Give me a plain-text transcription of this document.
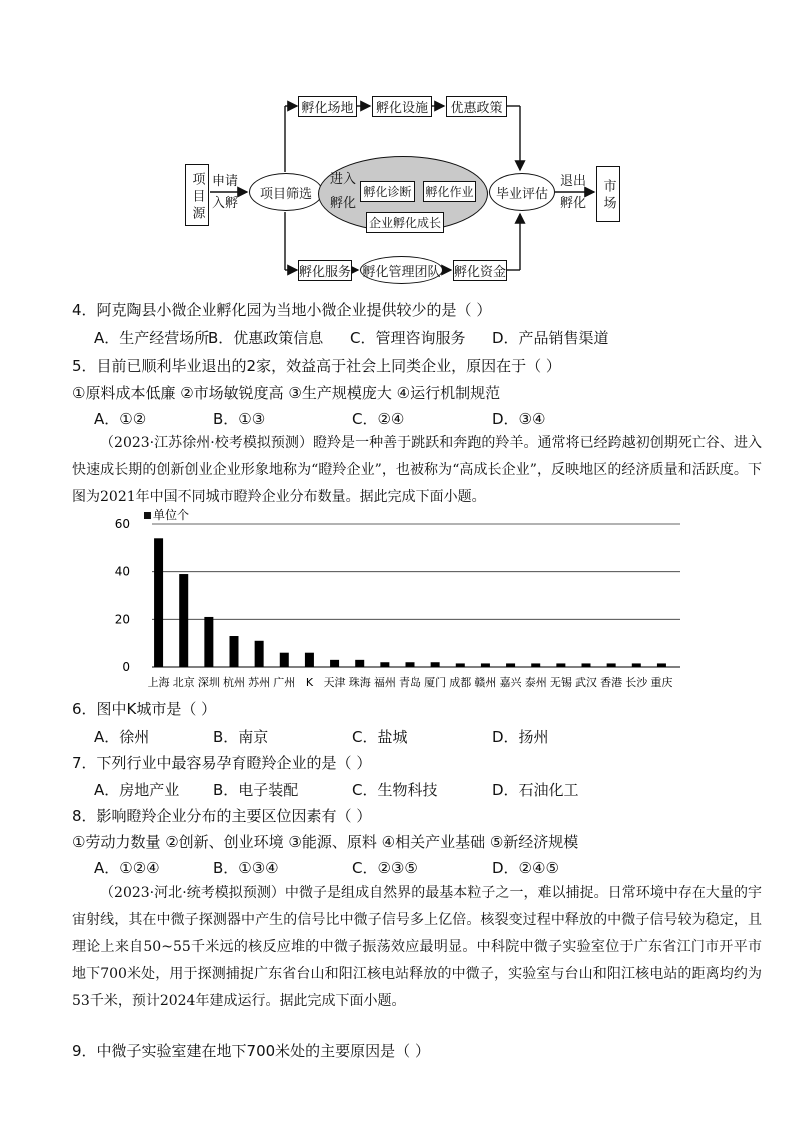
项目源 申请
入孵
项目筛选
孵化场地	孵化设施	优惠政策
进入
孵化
孵化诊断 孵化作业
企业孵化成长
毕业评估
退出
孵化	市场
孵化服务 孵化管理团队 孵化资金
4．阿克陶县小微企业孵化园为当地小微企业提供较少的是（ ）
A．生产经营场所
B．优惠政策信息 C．管理咨询服务 D．产品销售渠道
5．目前已顺利毕业退出的2家，效益高于社会上同类企业，原因在于（ ）
①原料成本低廉 ②市场敏锐度高 ③生产规模庞大 ④运行机制规范
A．①②	B．①③	C．②④	D．③④

（2023·江苏徐州·校考模拟预测）瞪羚是一种善于跳跃和奔跑的羚羊。通常将已经跨越初创期死亡谷、进入快速成长期的创新创业企业形象地称为“瞪羚企业”，也被称为“高成长企业”，反映地区的经济质量和活跃度。下图为2021年中国不同城市瞪羚企业分布数量。据此完成下面小题。

0
20
40
60
单位个
上海 北京 深圳 杭州 苏州 广州 K 天津 珠海 福州 青岛 厦门 成都 赣州 嘉兴 泰州 无锡 武汉 香港 长沙 重庆
6．图中K城市是（ ）
A．徐州	B．南京	C．盐城	D．扬州
7．下列行业中最容易孕育瞪羚企业的是（ ）
A．房地产业 B．电子装配	C．生物科技	D．石油化工
8．影响瞪羚企业分布的主要区位因素有（ ）
①劳动力数量 ②创新、创业环境 ③能源、原料 ④相关产业基础 ⑤新经济规模
A．①②④	B．①③④	C．②③⑤	D．②④⑤

（2023·河北·统考模拟预测）中微子是组成自然界的最基本粒子之一，难以捕捉。日常环境中存在大量的宇宙射线，其在中微子探测器中产生的信号比中微子信号多上亿倍。核裂变过程中释放的中微子信号较为稳定，且理论上来自50~55千米远的核反应堆的中微子振荡效应最明显。中科院中微子实验室位于广东省江门市开平市地下700米处，用于探测捕捉广东省台山和阳江核电站释放的中微子，实验室与台山和阳江核电站的距离均约为53千米，预计2024年建成运行。据此完成下面小题。

9．中微子实验室建在地下700米处的主要原因是（ ）
